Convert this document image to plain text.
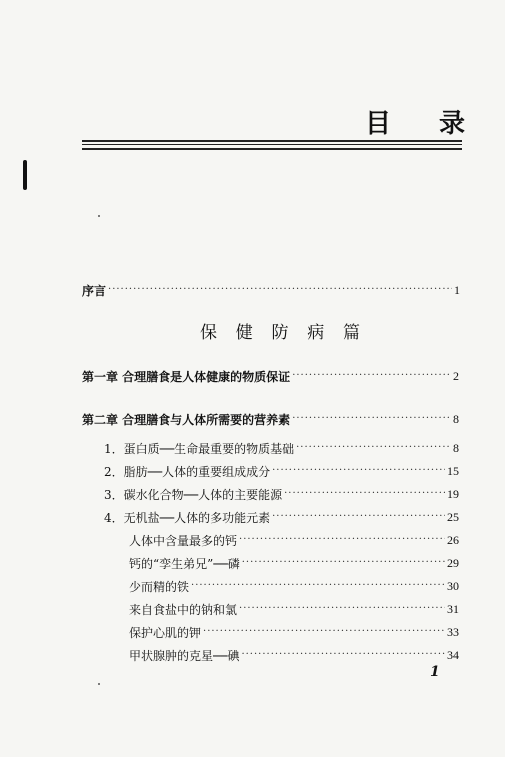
目 录
序言 ·····	1
保 健 防 病 篇
第一章 合理膳食是人体健康的物质保证 ·····	2
第二章 合理膳食与人体所需要的营养素 ·····	8
1．蛋白质──生命最重要的物质基础 ·····	8
2．脂肪──人体的重要组成成分 ·····	15
3．碳水化合物──人体的主要能源 ·····	19
4．无机盐──人体的多功能元素 ·····	25
人体中含量最多的钙 ·····	26
钙的“孪生弟兄”──磷 ·····	29
少而精的铁 ·····	30
来自食盐中的钠和氯 ·····	31
保护心肌的钾 ·····	33
甲状腺肿的克星──碘 ·····	34
1
